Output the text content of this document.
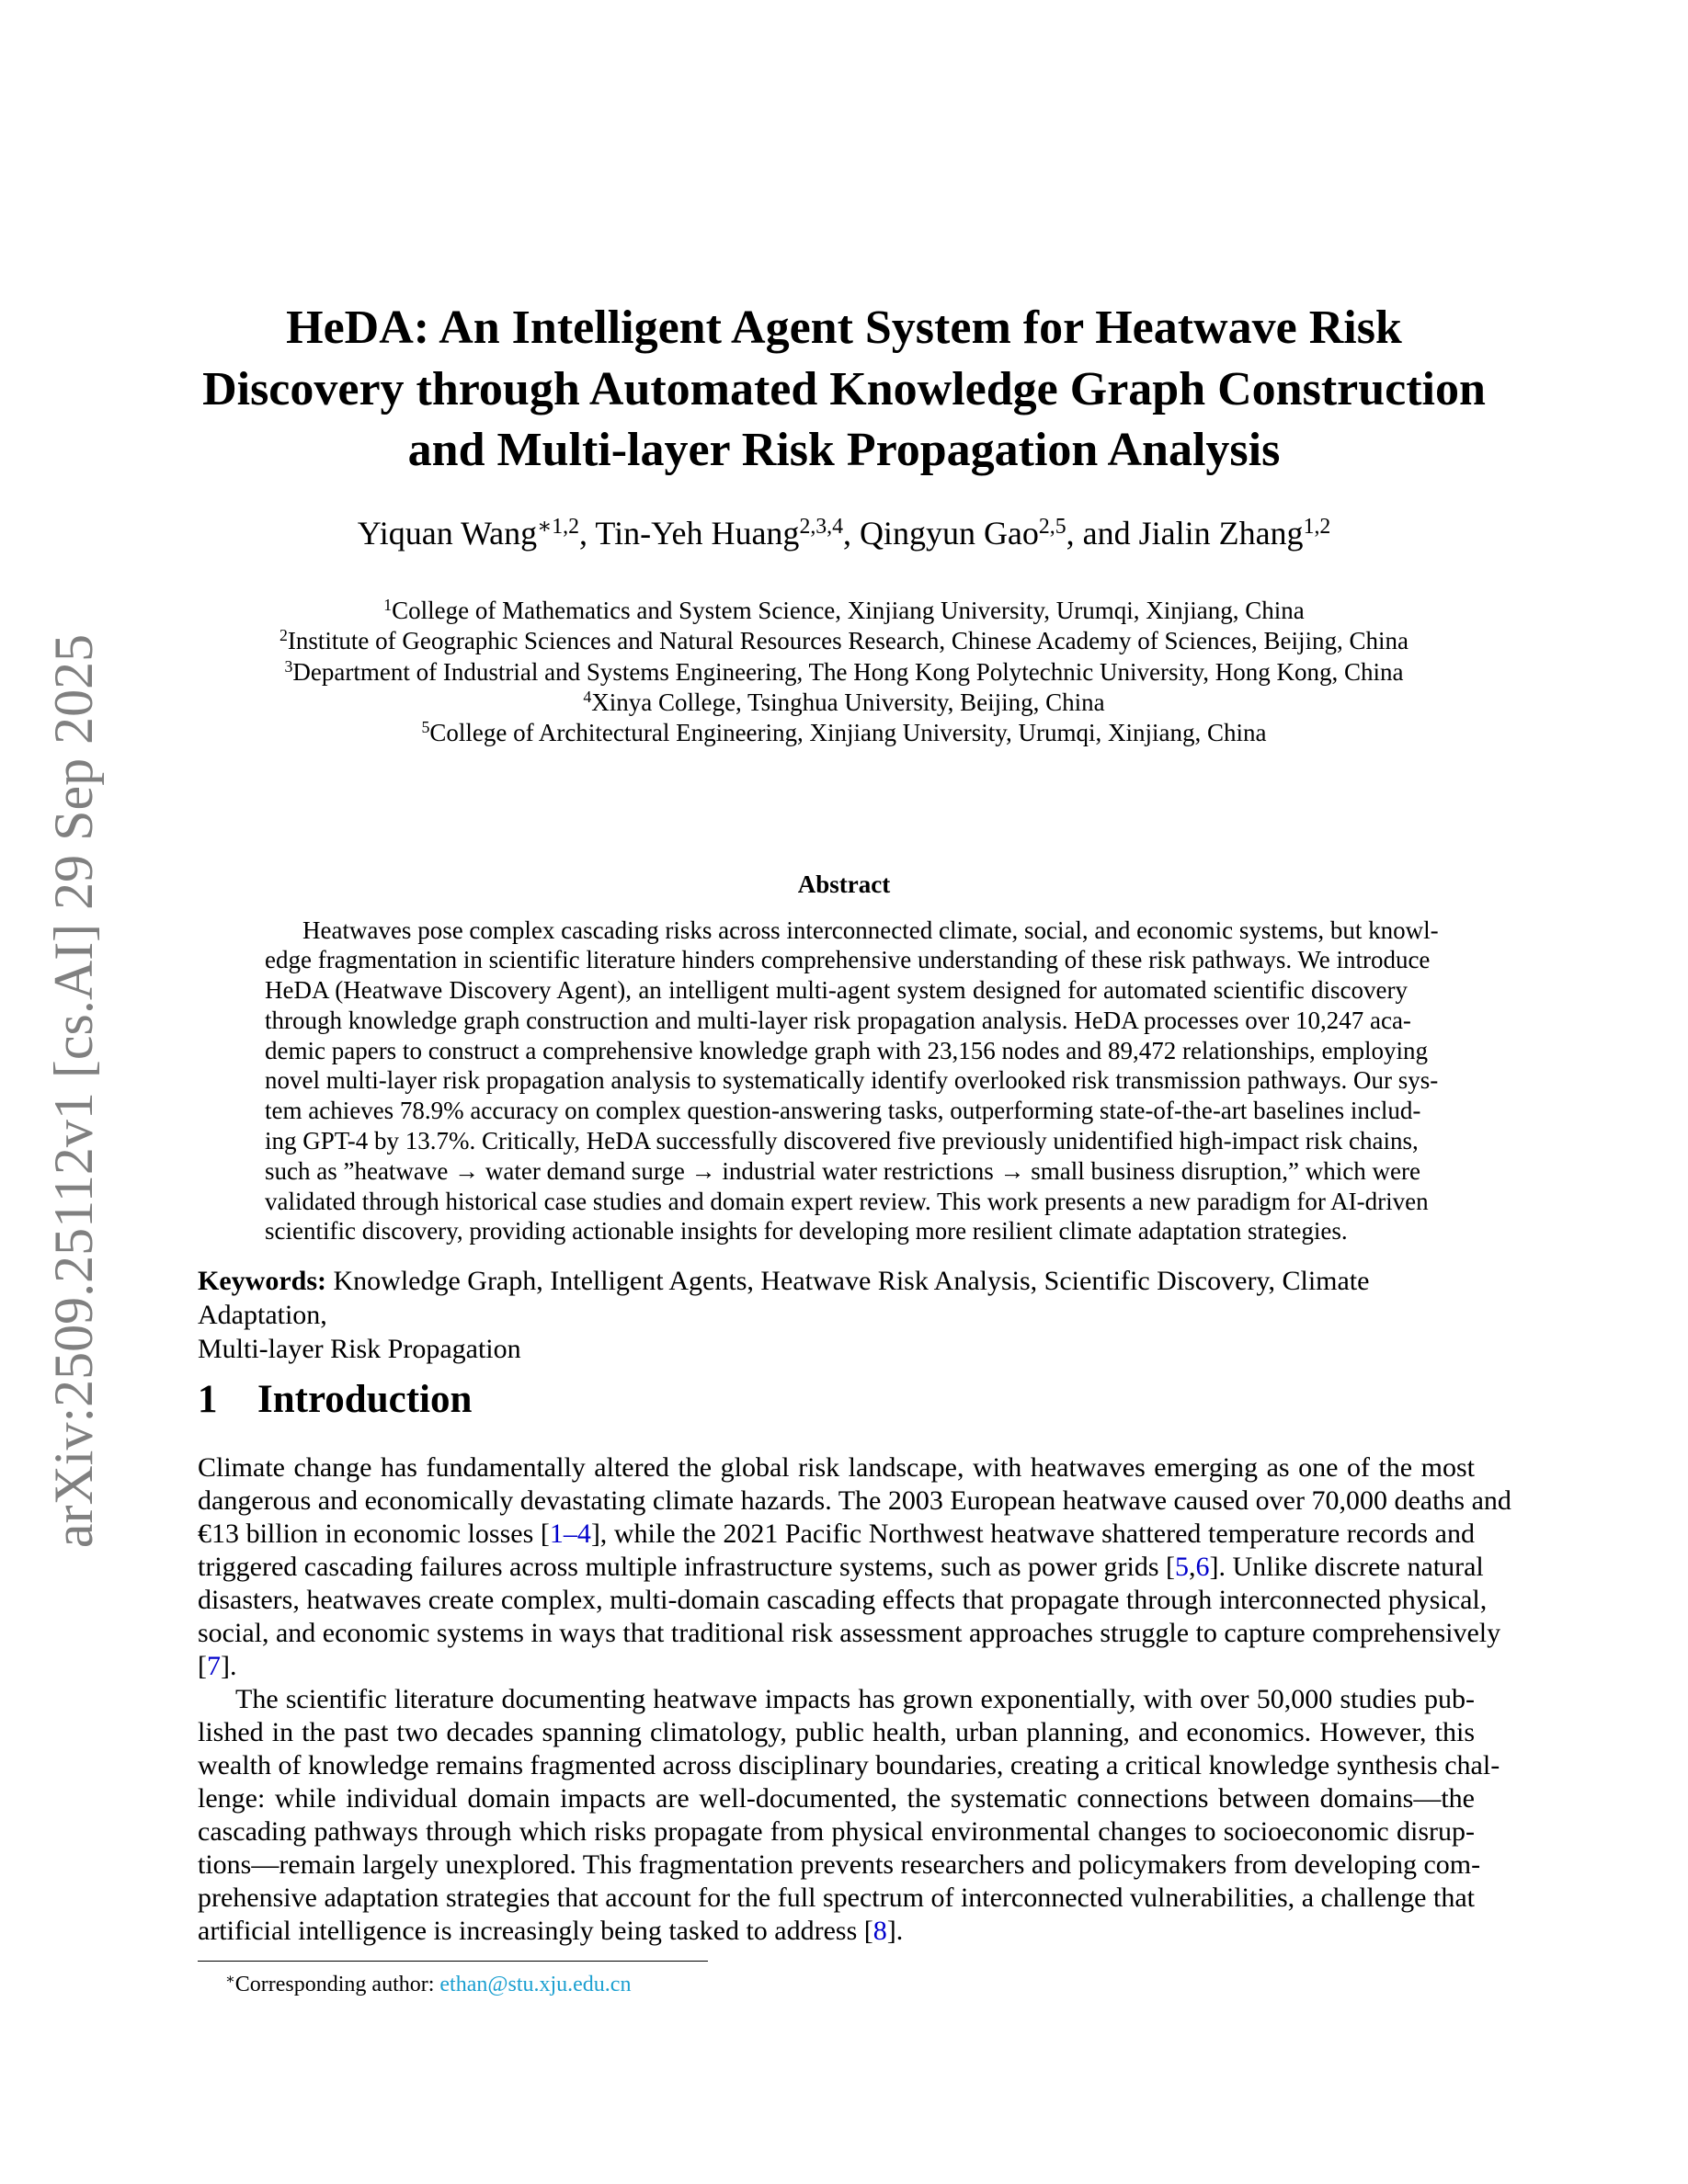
arXiv:2509.25112v1 [cs.AI] 29 Sep 2025
HeDA: An Intelligent Agent System for Heatwave Risk
Discovery through Automated Knowledge Graph Construction
and Multi-layer Risk Propagation Analysis
Yiquan Wang$^{∗1,2}$, Tin-Yeh Huang$^{2,3,4}$, Qingyun Gao$^{2,5}$, and Jialin Zhang$^{1,2}$
$^1$College of Mathematics and System Science, Xinjiang University, Urumqi, Xinjiang, China
$^2$Institute of Geographic Sciences and Natural Resources Research, Chinese Academy of Sciences, Beijing, China
$^3$Department of Industrial and Systems Engineering, The Hong Kong Polytechnic University, Hong Kong, China
$^4$Xinya College, Tsinghua University, Beijing, China
$^5$College of Architectural Engineering, Xinjiang University, Urumqi, Xinjiang, China
Abstract
Heatwaves pose complex cascading risks across interconnected climate, social, and economic systems, but knowl-
edge fragmentation in scientific literature hinders comprehensive understanding of these risk pathways. We introduce
HeDA (Heatwave Discovery Agent), an intelligent multi-agent system designed for automated scientific discovery
through knowledge graph construction and multi-layer risk propagation analysis. HeDA processes over 10,247 aca-
demic papers to construct a comprehensive knowledge graph with 23,156 nodes and 89,472 relationships, employing
novel multi-layer risk propagation analysis to systematically identify overlooked risk transmission pathways. Our sys-
tem achieves 78.9% accuracy on complex question-answering tasks, outperforming state-of-the-art baselines includ-
ing GPT-4 by 13.7%. Critically, HeDA successfully discovered five previously unidentified high-impact risk chains,
such as ”heatwave → water demand surge → industrial water restrictions → small business disruption,” which were
validated through historical case studies and domain expert review. This work presents a new paradigm for AI-driven
scientific discovery, providing actionable insights for developing more resilient climate adaptation strategies.
Keywords: Knowledge Graph, Intelligent Agents, Heatwave Risk Analysis, Scientific Discovery, Climate Adaptation,
Multi-layer Risk Propagation
1 Introduction
Climate change has fundamentally altered the global risk landscape, with heatwaves emerging as one of the most
dangerous and economically devastating climate hazards. The 2003 European heatwave caused over 70,000 deaths and
€13 billion in economic losses [1–4], while the 2021 Pacific Northwest heatwave shattered temperature records and
triggered cascading failures across multiple infrastructure systems, such as power grids [5,6]. Unlike discrete natural
disasters, heatwaves create complex, multi-domain cascading effects that propagate through interconnected physical,
social, and economic systems in ways that traditional risk assessment approaches struggle to capture comprehensively
[7].
The scientific literature documenting heatwave impacts has grown exponentially, with over 50,000 studies pub-
lished in the past two decades spanning climatology, public health, urban planning, and economics. However, this
wealth of knowledge remains fragmented across disciplinary boundaries, creating a critical knowledge synthesis chal-
lenge: while individual domain impacts are well-documented, the systematic connections between domains—the
cascading pathways through which risks propagate from physical environmental changes to socioeconomic disrup-
tions—remain largely unexplored. This fragmentation prevents researchers and policymakers from developing com-
prehensive adaptation strategies that account for the full spectrum of interconnected vulnerabilities, a challenge that
artificial intelligence is increasingly being tasked to address [8].
∗Corresponding author: ethan@stu.xju.edu.cn
